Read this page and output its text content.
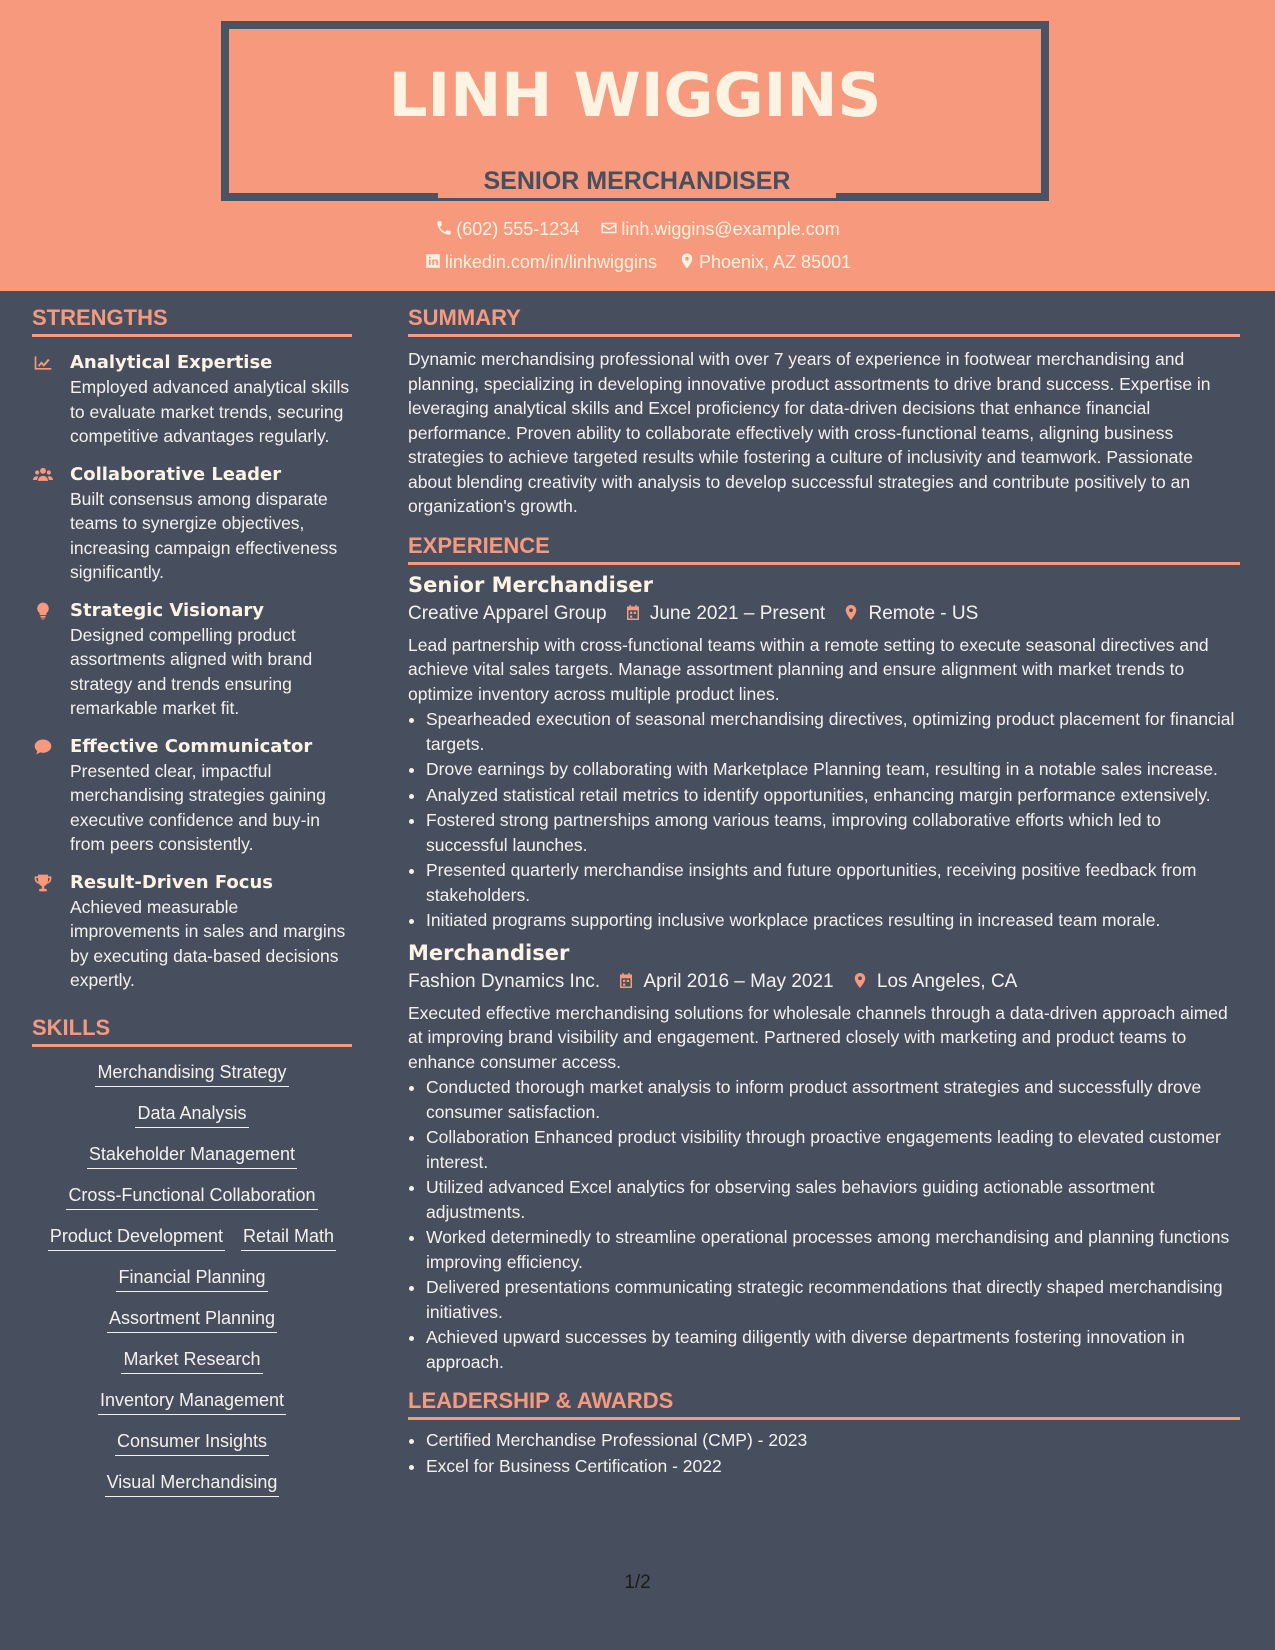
LINH WIGGINS
SENIOR MERCHANDISER
(602) 555-1234 linh.wiggins@example.com
linkedin.com/in/linhwiggins Phoenix, AZ 85001
STRENGTHS
Analytical Expertise
Employed advanced analytical skills to evaluate market trends, securing competitive advantages regularly.
Collaborative Leader
Built consensus among disparate teams to synergize objectives, increasing campaign effectiveness significantly.
Strategic Visionary
Designed compelling product assortments aligned with brand strategy and trends ensuring remarkable market fit.
Effective Communicator
Presented clear, impactful merchandising strategies gaining executive confidence and buy-in from peers consistently.
Result-Driven Focus
Achieved measurable improvements in sales and margins by executing data-based decisions expertly.
SKILLS
Merchandising Strategy
Data Analysis
Stakeholder Management
Cross-Functional Collaboration
Product Development Retail Math
Financial Planning
Assortment Planning
Market Research
Inventory Management
Consumer Insights
Visual Merchandising
SUMMARY
Dynamic merchandising professional with over 7 years of experience in footwear merchandising and planning, specializing in developing innovative product assortments to drive brand success. Expertise in leveraging analytical skills and Excel proficiency for data-driven decisions that enhance financial performance. Proven ability to collaborate effectively with cross-functional teams, aligning business strategies to achieve targeted results while fostering a culture of inclusivity and teamwork. Passionate about blending creativity with analysis to develop successful strategies and contribute positively to an organization's growth.
EXPERIENCE
Senior Merchandiser
Creative Apparel Group June 2021 – Present Remote - US
Lead partnership with cross-functional teams within a remote setting to execute seasonal directives and achieve vital sales targets. Manage assortment planning and ensure alignment with market trends to optimize inventory across multiple product lines.
• Spearheaded execution of seasonal merchandising directives, optimizing product placement for financial targets.
• Drove earnings by collaborating with Marketplace Planning team, resulting in a notable sales increase.
• Analyzed statistical retail metrics to identify opportunities, enhancing margin performance extensively.
• Fostered strong partnerships among various teams, improving collaborative efforts which led to successful launches.
• Presented quarterly merchandise insights and future opportunities, receiving positive feedback from stakeholders.
• Initiated programs supporting inclusive workplace practices resulting in increased team morale.
Merchandiser
Fashion Dynamics Inc. April 2016 – May 2021 Los Angeles, CA
Executed effective merchandising solutions for wholesale channels through a data-driven approach aimed at improving brand visibility and engagement. Partnered closely with marketing and product teams to enhance consumer access.
• Conducted thorough market analysis to inform product assortment strategies and successfully drove consumer satisfaction.
• Collaboration Enhanced product visibility through proactive engagements leading to elevated customer interest.
• Utilized advanced Excel analytics for observing sales behaviors guiding actionable assortment adjustments.
• Worked determinedly to streamline operational processes among merchandising and planning functions improving efficiency.
• Delivered presentations communicating strategic recommendations that directly shaped merchandising initiatives.
• Achieved upward successes by teaming diligently with diverse departments fostering innovation in approach.
LEADERSHIP & AWARDS
• Certified Merchandise Professional (CMP) - 2023
• Excel for Business Certification - 2022
1/2
